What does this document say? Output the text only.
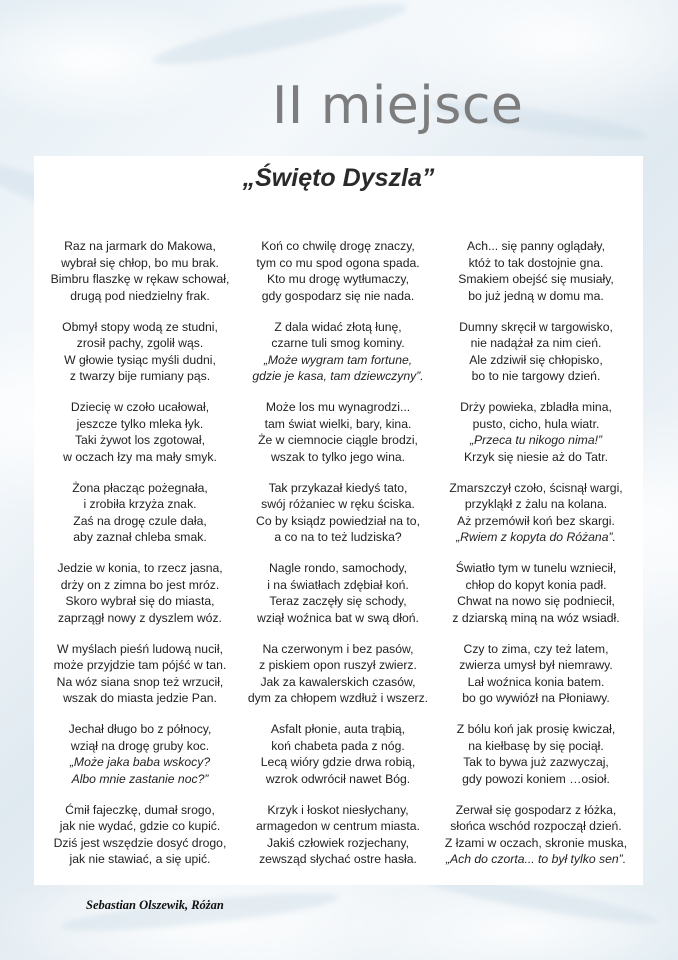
II miejsce
„Święto Dyszla”
Raz na jarmark do Makowa,
wybrał się chłop, bo mu brak.
Bimbru flaszkę w rękaw schował,
drugą pod niedzielny frak.
Obmył stopy wodą ze studni,
zrosił pachy, zgolił wąs.
W głowie tysiąc myśli dudni,
z twarzy bije rumiany pąs.
Dziecię w czoło ucałował,
jeszcze tylko mleka łyk.
Taki żywot los zgotował,
w oczach łzy ma mały smyk.
Żona płacząc pożegnała,
i zrobiła krzyża znak.
Zaś na drogę czule dała,
aby zaznał chleba smak.
Jedzie w konia, to rzecz jasna,
drży on z zimna bo jest mróz.
Skoro wybrał się do miasta,
zaprzągł nowy z dyszlem wóz.
W myślach pieśń ludową nucił,
może przyjdzie tam pójść w tan.
Na wóz siana snop też wrzucił,
wszak do miasta jedzie Pan.
Jechał długo bo z północy,
wziął na drogę gruby koc.
„Może jaka baba wskocy?
Albo mnie zastanie noc?”
Ćmił fajeczkę, dumał srogo,
jak nie wydać, gdzie co kupić.
Dziś jest wszędzie dosyć drogo,
jak nie stawiać, a się upić.
Koń co chwilę drogę znaczy,
tym co mu spod ogona spada.
Kto mu drogę wytłumaczy,
gdy gospodarz się nie nada.
Z dala widać złotą łunę,
czarne tuli smog kominy.
„Może wygram tam fortune,
gdzie je kasa, tam dziewczyny”.
Może los mu wynagrodzi...
tam świat wielki, bary, kina.
Że w ciemnocie ciągle brodzi,
wszak to tylko jego wina.
Tak przykazał kiedyś tato,
swój różaniec w ręku ściska.
Co by ksiądz powiedział na to,
a co na to też ludziska?
Nagle rondo, samochody,
i na światłach zdębiał koń.
Teraz zaczęły się schody,
wziął woźnica bat w swą dłoń.
Na czerwonym i bez pasów,
z piskiem opon ruszył zwierz.
Jak za kawalerskich czasów,
dym za chłopem wzdłuż i wszerz.
Asfalt płonie, auta trąbią,
koń chabeta pada z nóg.
Lecą wióry gdzie drwa robią,
wzrok odwrócił nawet Bóg.
Krzyk i łoskot niesłychany,
armagedon w centrum miasta.
Jakiś człowiek rozjechany,
zewsząd słychać ostre hasła.
Ach... się panny oglądały,
któż to tak dostojnie gna.
Smakiem obejść się musiały,
bo już jedną w domu ma.
Dumny skręcił w targowisko,
nie nadążał za nim cień.
Ale zdziwił się chłopisko,
bo to nie targowy dzień.
Drży powieka, zbladła mina,
pusto, cicho, hula wiatr.
„Przeca tu nikogo nima!”
Krzyk się niesie aż do Tatr.
Zmarszczył czoło, ścisnął wargi,
przykląkł z żalu na kolana.
Aż przemówił koń bez skargi.
„Rwiem z kopyta do Różana”.
Światło tym w tunelu wzniecił,
chłop do kopyt konia padł.
Chwat na nowo się podniecił,
z dziarską miną na wóz wsiadł.
Czy to zima, czy też latem,
zwierza umysł był niemrawy.
Lał woźnica konia batem.
bo go wywiózł na Płoniawy.
Z bólu koń jak prosię kwiczał,
na kiełbasę by się pociął.
Tak to bywa już zazwyczaj,
gdy powozi koniem …osioł.
Zerwał się gospodarz z łóżka,
słońca wschód rozpoczął dzień.
Z łzami w oczach, skronie muska,
„Ach do czorta... to był tylko sen”.
Sebastian Olszewik, Różan
